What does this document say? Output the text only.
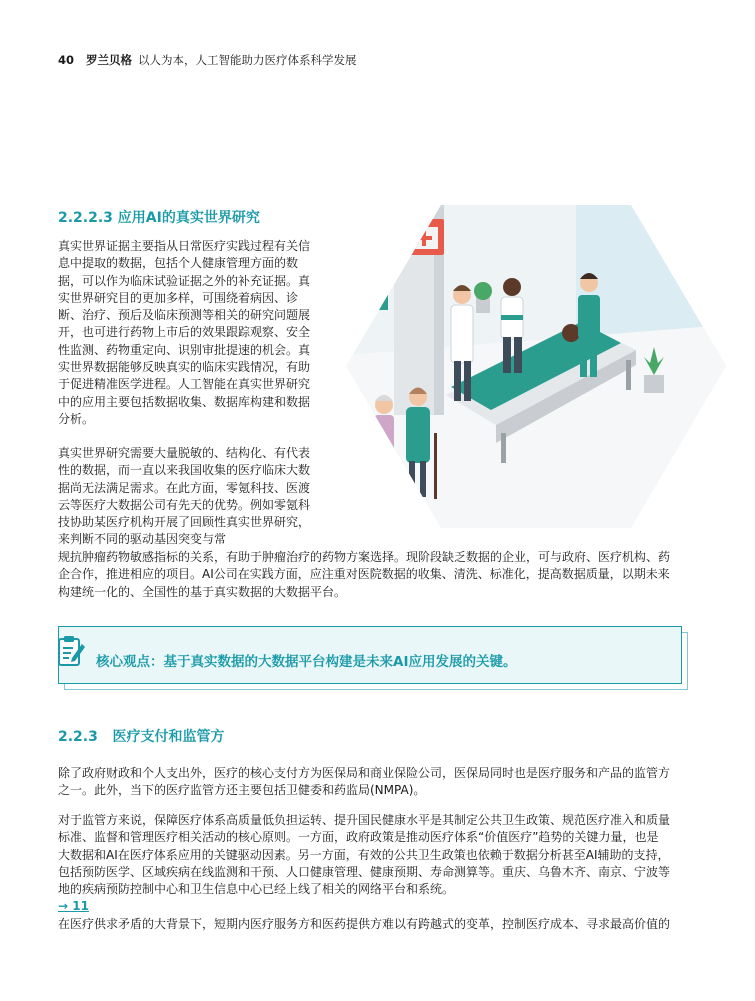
40 罗兰贝格 以人为本，人工智能助力医疗体系科学发展
2.2.2.3 应用AI的真实世界研究
真实世界证据主要指从日常医疗实践过程有关信息中提取的数据，包括个人健康管理方面的数据，可以作为临床试验证据之外的补充证据。真实世界研究目的更加多样，可围绕着病因、诊断、治疗、预后及临床预测等相关的研究问题展开，也可进行药物上市后的效果跟踪观察、安全性监测、药物重定向、识别审批提速的机会。真实世界数据能够反映真实的临床实践情况，有助于促进精准医学进程。人工智能在真实世界研究中的应用主要包括数据收集、数据库构建和数据分析。
真实世界研究需要大量脱敏的、结构化、有代表性的数据，而一直以来我国收集的医疗临床大数据尚无法满足需求。在此方面，零氪科技、医渡云等医疗大数据公司有先天的优势。例如零氪科技协助某医疗机构开展了回顾性真实世界研究，来判断不同的驱动基因突变与常
规抗肿瘤药物敏感指标的关系，有助于肿瘤治疗的药物方案选择。现阶段缺乏数据的企业，可与政府、医疗机构、药
企合作，推进相应的项目。AI公司在实践方面，应注重对医院数据的收集、清洗、标准化，提高数据质量，以期未来
构建统一化的、全国性的基于真实数据的大数据平台。
核心观点：基于真实数据的大数据平台构建是未来AI应用发展的关键。
2.2.3 医疗支付和监管方
除了政府财政和个人支出外，医疗的核心支付方为医保局和商业保险公司，医保局同时也是医疗服务和产品的监管方
之一。此外，当下的医疗监管方还主要包括卫健委和药监局(NMPA)。
对于监管方来说，保障医疗体系高质量低负担运转、提升国民健康水平是其制定公共卫生政策、规范医疗准入和质量
标准、监督和管理医疗相关活动的核心原则。一方面，政府政策是推动医疗体系“价值医疗”趋势的关键力量，也是
大数据和AI在医疗体系应用的关键驱动因素。另一方面，有效的公共卫生政策也依赖于数据分析甚至AI辅助的支持，
包括预防医学、区域疾病在线监测和干预、人口健康管理、健康预期、寿命测算等。重庆、乌鲁木齐、南京、宁波等
地的疾病预防控制中心和卫生信息中心已经上线了相关的网络平台和系统。
→ 11
在医疗供求矛盾的大背景下，短期内医疗服务方和医药提供方难以有跨越式的变革，控制医疗成本、寻求最高价值的
